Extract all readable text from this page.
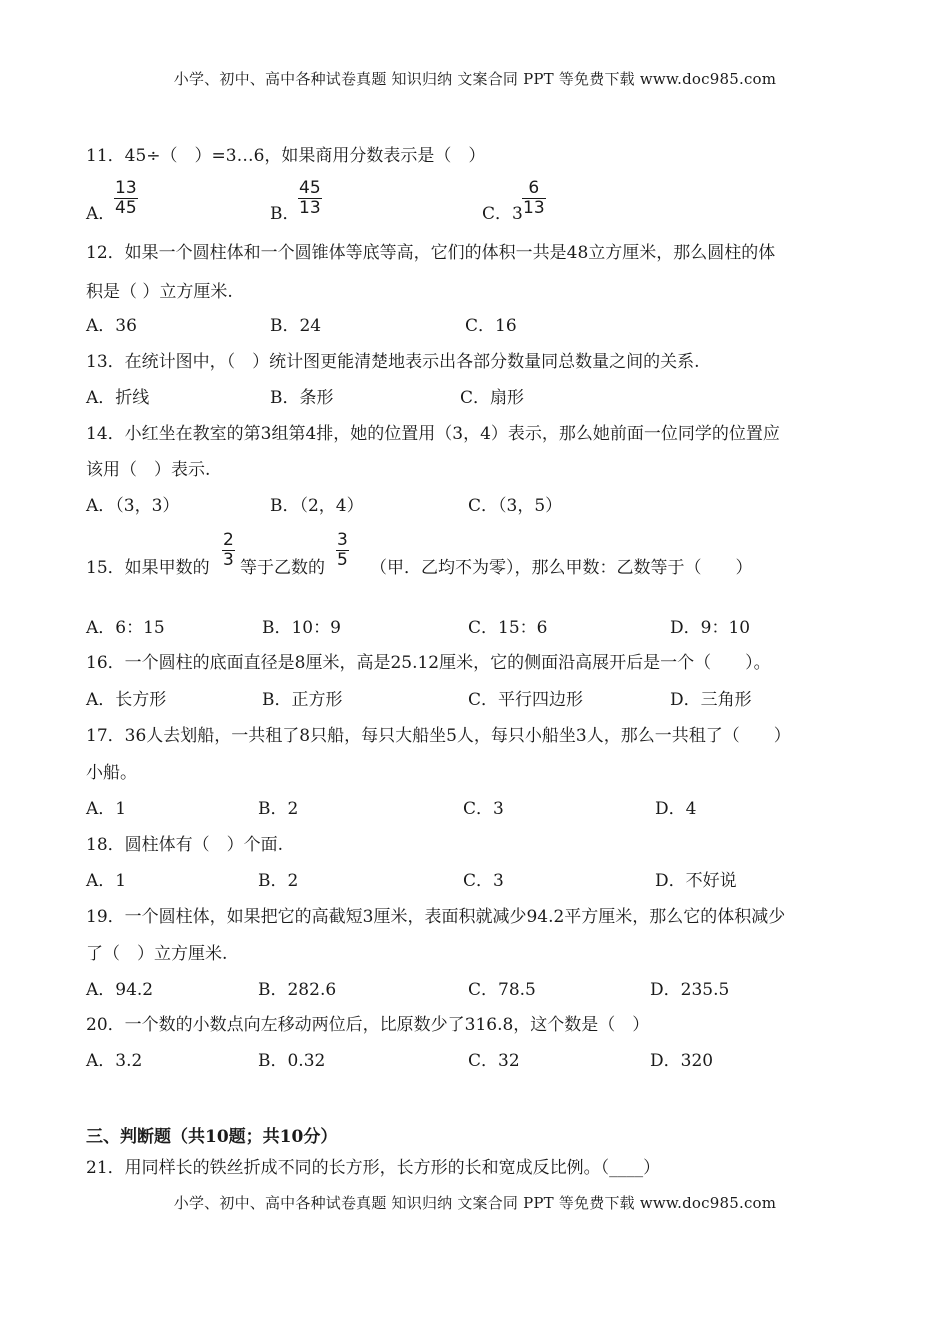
小学、初中、高中各种试卷真题 知识归纳 文案合同 PPT 等免费下载 www.doc985.com
11．45÷（　）=3…6，如果商用分数表示是（　）
A．
$\frac{13}{45}$	B．
$\frac{45}{13}$	C．$3 \frac{6}{13}$
12．如果一个圆柱体和一个圆锥体等底等高，它们的体积一共是48立方厘米，那么圆柱的体
积是（ ）立方厘米.
A．36	B．24	C．16
13．在统计图中，（　）统计图更能清楚地表示出各部分数量同总数量之间的关系.
A．折线	B．条形	C．扇形
14．小红坐在教室的第3组第4排，她的位置用（3，4）表示，那么她前面一位同学的位置应
该用（　）表示.
A．（3，3）	B．（2，4）	C．（3，5）
15．如果甲数的 $\frac{2}{3}$ 等于乙数的 $\frac{3}{5}$ （甲．乙均不为零），那么甲数：乙数等于（　　）
A．6：15	B．10：9	C．15：6	D．9：10
16．一个圆柱的底面直径是8厘米，高是25.12厘米，它的侧面沿高展开后是一个（　　）。
A．长方形	B．正方形	C．平行四边形	D．三角形
17．36人去划船，一共租了8只船，每只大船坐5人，每只小船坐3人，那么一共租了（　　）
小船。
A．1	B．2	C．3	D．4
18．圆柱体有（　）个面.
A．1	B．2	C．3	D．不好说
19．一个圆柱体，如果把它的高截短3厘米，表面积就减少94.2平方厘米，那么它的体积减少
了（　）立方厘米.
A．94.2	B．282.6	C．78.5	D．235.5
20．一个数的小数点向左移动两位后，比原数少了316.8，这个数是（　）
A．3.2	B．0.32	C．32	D．320
三、判断题（共10题；共10分）
21．用同样长的铁丝折成不同的长方形，长方形的长和宽成反比例。（____）
小学、初中、高中各种试卷真题 知识归纳 文案合同 PPT 等免费下载 www.doc985.com
